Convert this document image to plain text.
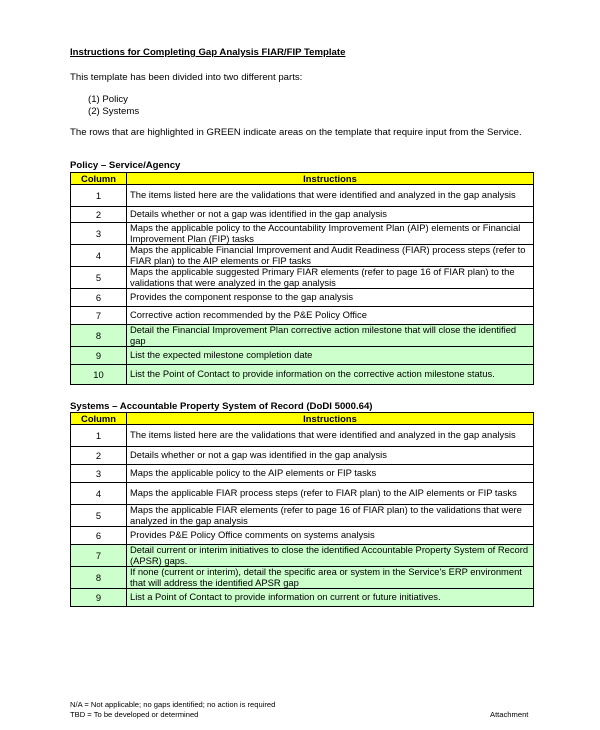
Instructions for Completing Gap Analysis FIAR/FIP Template
This template has been divided into two different parts:
(1) Policy
(2) Systems
The rows that are highlighted in GREEN indicate areas on the template that require input from the Service.
Policy – Service/Agency
Column	Instructions
1	The items listed here are the validations that were identified and analyzed in the gap analysis
2	Details whether or not a gap was identified in the gap analysis
3	Maps the applicable policy to the Accountability Improvement Plan (AIP) elements or Financial Improvement Plan (FIP) tasks
4	Maps the applicable Financial Improvement and Audit Readiness (FIAR) process steps (refer to FIAR plan) to the AIP elements or FIP tasks
5	Maps the applicable suggested Primary FIAR elements (refer to page 16 of FIAR plan) to the validations that were analyzed in the gap analysis
6	Provides the component response to the gap analysis
7	Corrective action recommended by the P&E Policy Office
8	Detail the Financial Improvement Plan corrective action milestone that will close the identified gap
9	List the expected milestone completion date
10	List the Point of Contact to provide information on the corrective action milestone status.
Systems – Accountable Property System of Record (DoDI 5000.64)
Column	Instructions
1	The items listed here are the validations that were identified and analyzed in the gap analysis
2	Details whether or not a gap was identified in the gap analysis
3	Maps the applicable policy to the AIP elements or FIP tasks
4	Maps the applicable FIAR process steps (refer to FIAR plan) to the AIP elements or FIP tasks
5	Maps the applicable FIAR elements (refer to page 16 of FIAR plan) to the validations that were analyzed in the gap analysis
6	Provides P&E Policy Office comments on systems analysis
7	Detail current or interim initiatives to close the identified Accountable Property System of Record (APSR) gaps.
8	If none (current or interim), detail the specific area or system in the Service's ERP environment that will address the identified APSR gap
9	List a Point of Contact to provide information on current or future initiatives.
N/A = Not applicable; no gaps identified; no action is required
TBD = To be developed or determined	Attachment
